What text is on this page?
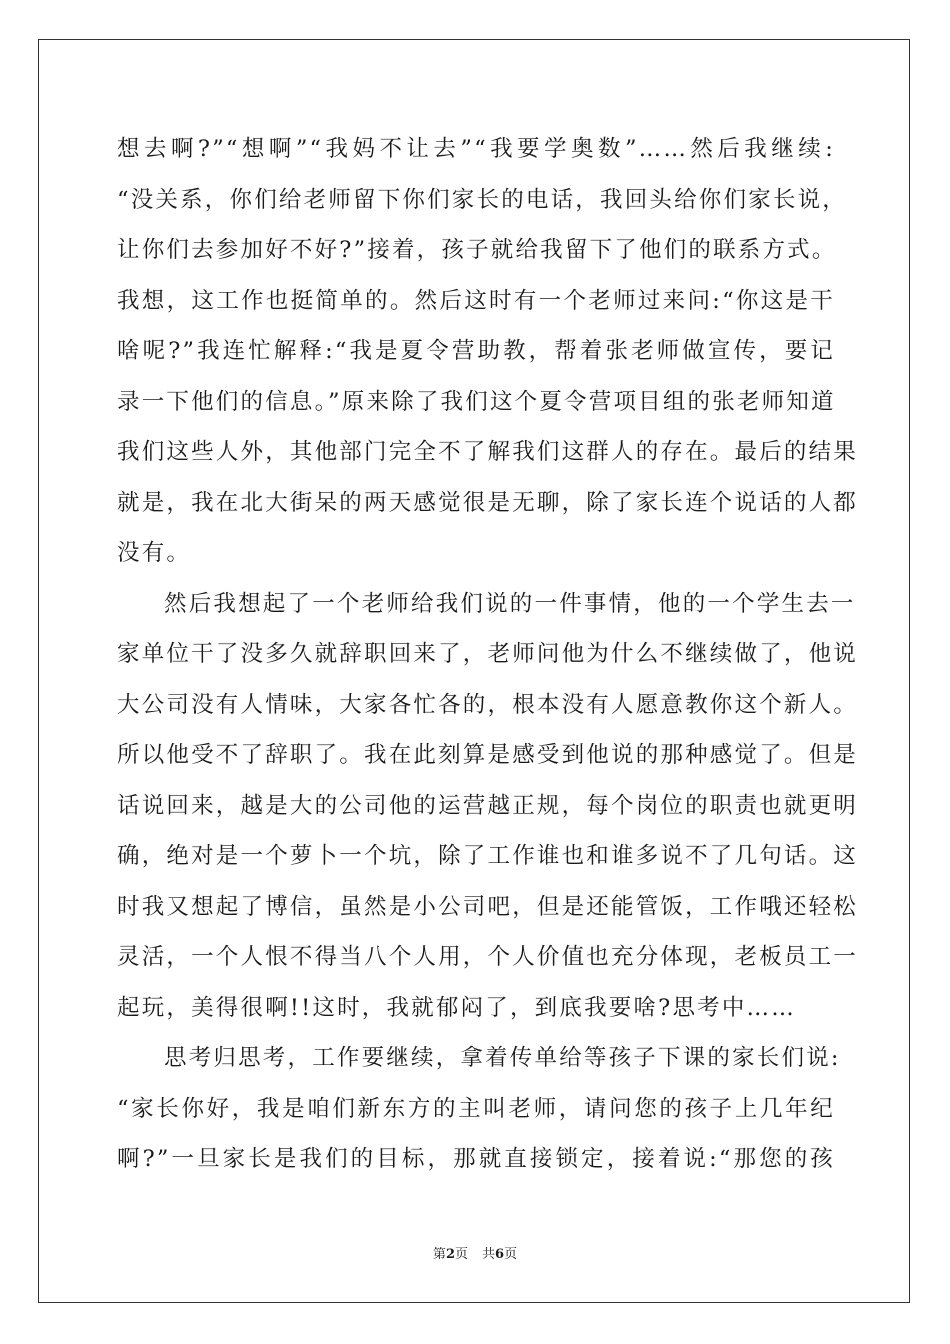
想去啊?”“想啊”“我妈不让去”“我要学奥数”……然后我继续:
“没关系，你们给老师留下你们家长的电话，我回头给你们家长说，
让你们去参加好不好?”接着，孩子就给我留下了他们的联系方式。
我想，这工作也挺简单的。然后这时有一个老师过来问:“你这是干
啥呢?”我连忙解释:“我是夏令营助教，帮着张老师做宣传，要记
录一下他们的信息。”原来除了我们这个夏令营项目组的张老师知道
我们这些人外，其他部门完全不了解我们这群人的存在。最后的结果
就是，我在北大街呆的两天感觉很是无聊，除了家长连个说话的人都
没有。
然后我想起了一个老师给我们说的一件事情，他的一个学生去一
家单位干了没多久就辞职回来了，老师问他为什么不继续做了，他说
大公司没有人情味，大家各忙各的，根本没有人愿意教你这个新人。
所以他受不了辞职了。我在此刻算是感受到他说的那种感觉了。但是
话说回来，越是大的公司他的运营越正规，每个岗位的职责也就更明
确，绝对是一个萝卜一个坑，除了工作谁也和谁多说不了几句话。这
时我又想起了博信，虽然是小公司吧，但是还能管饭，工作哦还轻松
灵活，一个人恨不得当八个人用，个人价值也充分体现，老板员工一
起玩，美得很啊!!这时，我就郁闷了，到底我要啥?思考中……
思考归思考，工作要继续，拿着传单给等孩子下课的家长们说:
“家长你好，我是咱们新东方的主叫老师，请问您的孩子上几年纪
啊?”一旦家长是我们的目标，那就直接锁定，接着说:“那您的孩
第2页 共6页
